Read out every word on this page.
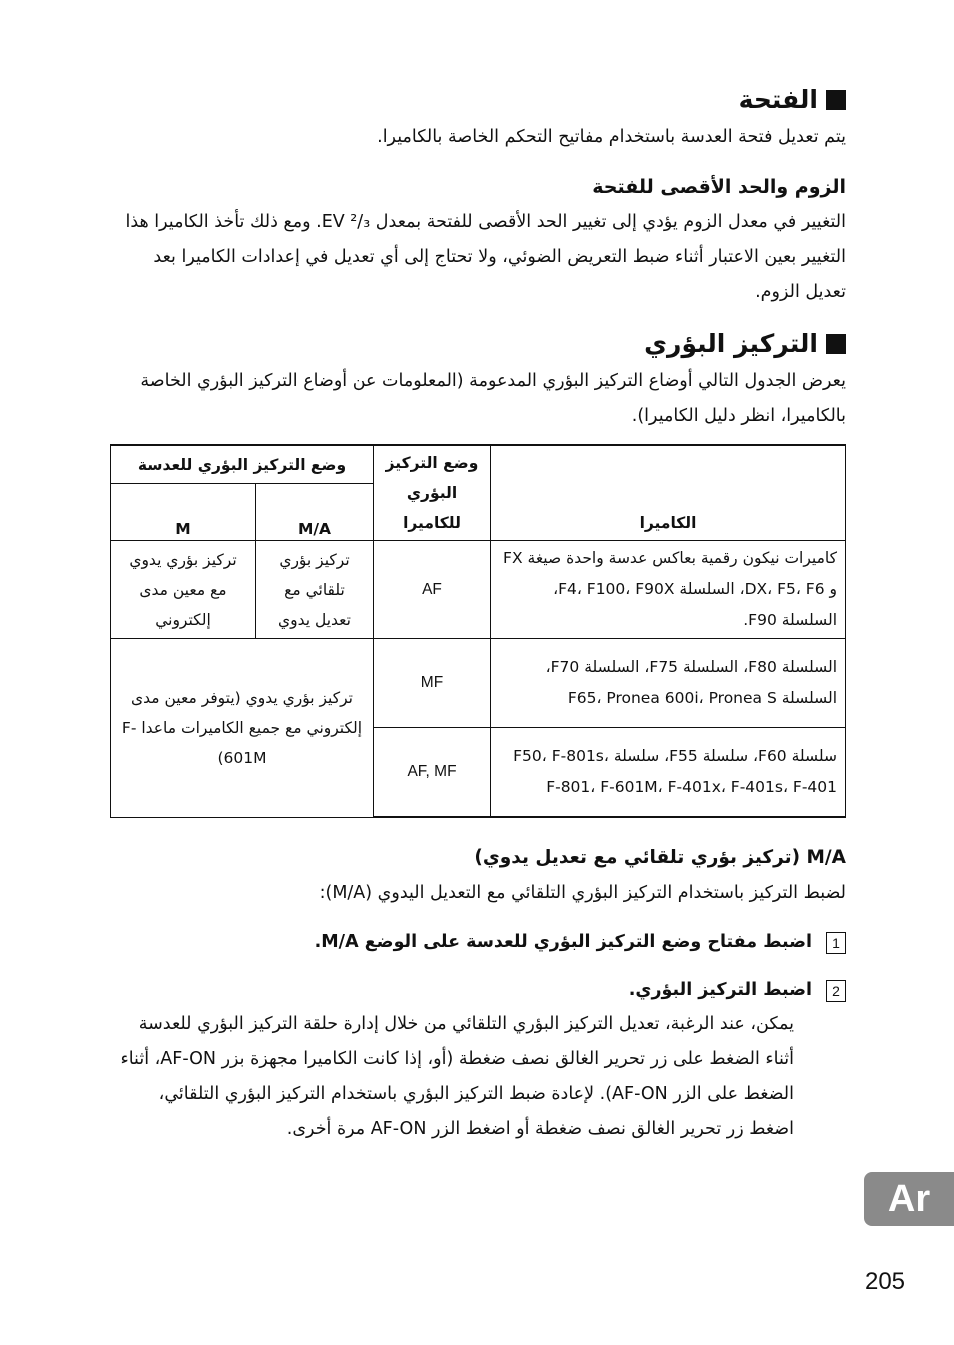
الفتحة

يتم تعديل فتحة العدسة باستخدام مفاتيح التحكم الخاصة بالكاميرا.

الزوم والحد الأقصى للفتحة

التغيير في معدل الزوم يؤدي إلى تغيير الحد الأقصى للفتحة بمعدل ²/₃ EV. ومع ذلك تأخذ الكاميرا هذا التغيير بعين الاعتبار أثناء ضبط التعريض الضوئي، ولا تحتاج إلى أي تعديل في إعدادات الكاميرا بعد تعديل الزوم.

التركيز البؤري

يعرض الجدول التالي أوضاع التركيز البؤري المدعومة (المعلومات عن أوضاع التركيز البؤري الخاصة بالكاميرا، انظر دليل الكاميرا).

الكاميرا	وضع التركيز البؤري للكاميرا	وضع التركيز البؤري للعدسة	
		M/A	M
كاميرات نيكون رقمية بعاكس عدسة واحدة صيغة FX و DX، F5، F6، السلسلة F4، F100، F90X، السلسلة F90.	AF	تركيز بؤري تلقائي مع تعديل يدوي	تركيز بؤري يدوي مع معين مدى إلكتروني
السلسلة F80، السلسلة F75، السلسلة F70، السلسلة F65، Pronea 600i، Pronea S	MF	تركيز بؤري يدوي (يتوفر معين مدى إلكتروني مع جميع الكاميرات ماعدا F-601M)	
سلسلة F60، سلسلة F55، سلسلة F50، F-801s، F-801، F-601M، F-401x، F-401s، F-401	AF, MF		
M/A (تركيز بؤري تلقائي مع تعديل يدوي)

لضبط التركيز باستخدام التركيز البؤري التلقائي مع التعديل اليدوي (M/A):

1
اضبط مفتاح وضع التركيز البؤري للعدسة على الوضع M/A.
2
اضبط التركيز البؤري.
يمكن، عند الرغبة، تعديل التركيز البؤري التلقائي من خلال إدارة حلقة التركيز البؤري للعدسة أثناء الضغط على زر تحرير الغالق نصف ضغطة (أو، إذا كانت الكاميرا مجهزة بزر AF-ON، أثناء الضغط على الزر AF-ON). لإعادة ضبط التركيز البؤري باستخدام التركيز البؤري التلقائي، اضغط زر تحرير الغالق نصف ضغطة أو اضغط الزر AF-ON مرة أخرى.
Ar
205
